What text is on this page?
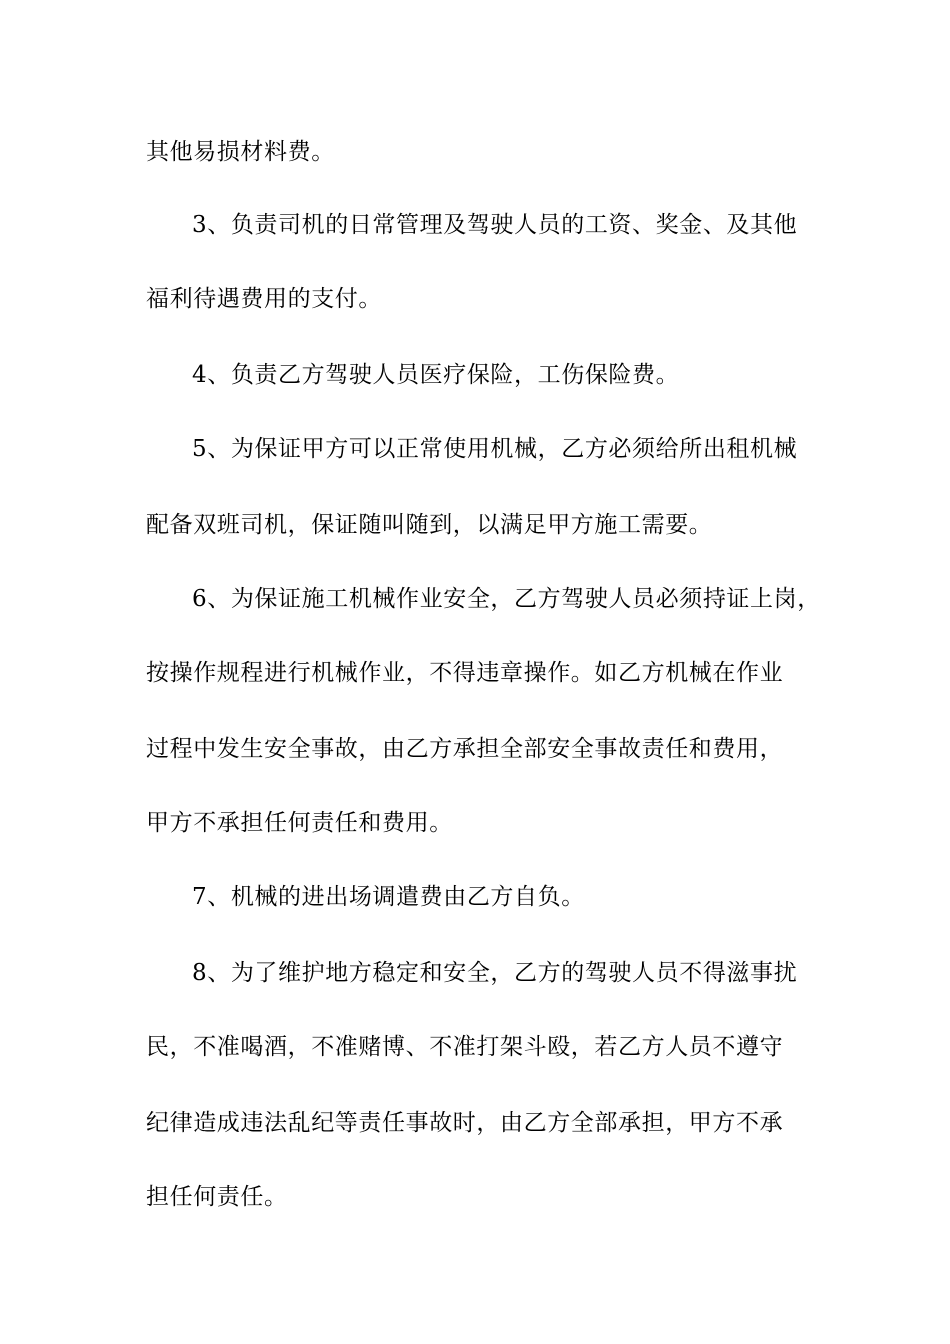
其他易损材料费。
3、负责司机的日常管理及驾驶人员的工资、奖金、及其他
福利待遇费用的支付。
4、负责乙方驾驶人员医疗保险，工伤保险费。
5、为保证甲方可以正常使用机械，乙方必须给所出租机械
配备双班司机，保证随叫随到，以满足甲方施工需要。
6、为保证施工机械作业安全，乙方驾驶人员必须持证上岗，
按操作规程进行机械作业，不得违章操作。如乙方机械在作业
过程中发生安全事故，由乙方承担全部安全事故责任和费用，
甲方不承担任何责任和费用。
7、机械的进出场调遣费由乙方自负。
8、为了维护地方稳定和安全，乙方的驾驶人员不得滋事扰
民，不准喝酒，不准赌博、不准打架斗殴，若乙方人员不遵守
纪律造成违法乱纪等责任事故时，由乙方全部承担，甲方不承
担任何责任。
